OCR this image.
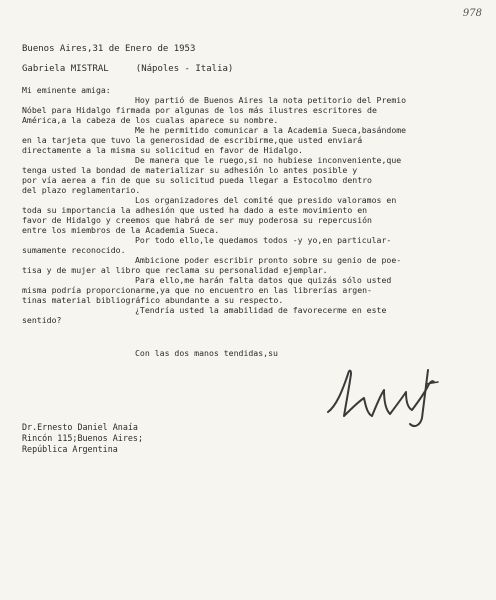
978
Buenos Aires,31 de Enero de 1953
Gabriela MISTRAL     (Nápoles - Italia)
Mi eminente amiga:
Hoy partió de Buenos Aires la nota petitorio del Premio
Nóbel para Hidalgo firmada por algunas de los más ilustres escritores de
América,a la cabeza de los cualas aparece su nombre.
Me he permitido comunicar a la Academia Sueca,basándome
en la tarjeta que tuvo la generosidad de escribirme,que usted enviará
directamente a la misma su solicitud en favor de Hidalgo.
De manera que le ruego,si no hubiese inconveniente,que
tenga usted la bondad de materializar su adhesión lo antes posible y
por vía aerea a fin de que su solicitud pueda llegar a Estocolmo dentro
del plazo reglamentario.
Los organizadores del comité que presido valoramos en
toda su importancia la adhesión que usted ha dado a este movimiento en
favor de Hidalgo y creemos que habrá de ser muy poderosa su repercusión
entre los miembros de la Academia Sueca.
Por todo ello,le quedamos todos -y yo,en particular-
sumamente reconocido.
Ambicione poder escribir pronto sobre su genio de poe-
tisa y de mujer al libro que reclama su personalidad ejemplar.
Para ello,me harán falta datos que quizás sólo usted
misma podría proporcionarme,ya que no encuentro en las librerías argen-
tinas material bibliográfico abundante a su respecto.
¿Tendría usted la amabilidad de favorecerme en este
sentido?
Con las dos manos tendidas,su
Dr.Ernesto Daniel Anaía
Rincón 115;Buenos Aires;
República Argentina
